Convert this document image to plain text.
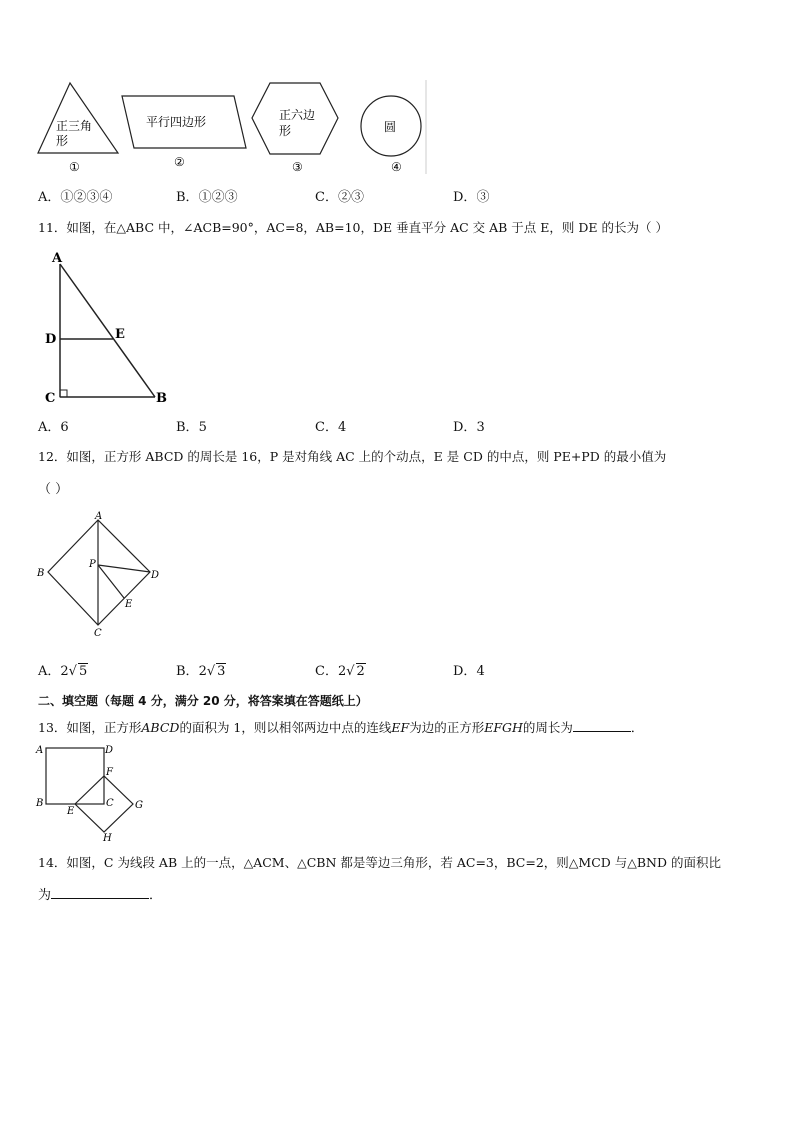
正三角
形
①
平行四边形
②
正六边
形
③
圆
④
A．①②③④	B．①②③	C．②③	D．③
11．如图，在△ABC 中，∠ACB=90°，AC=8，AB=10，DE 垂直平分 AC 交 AB 于点 E，则 DE 的长为（ ）
A
D	E
C	B
A．6	B．5	C．4	D．3
12．如图，正方形 ABCD 的周长是 16，P 是对角线 AC 上的个动点，E 是 CD 的中点，则 PE+PD 的最小值为
（ ）
A
B
P
D
E
C
A．2√ 5	B．2√ 3	C．2√ 2	D．4
二、填空题（每题 4 分，满分 20 分，将答案填在答题纸上）
13．如图，正方形ABCD的面积为 1，则以相邻两边中点的连线EF为边的正方形EFGH的周长为	．
A	D
F
B	C G
E
H
14．如图，C 为线段 AB 上的一点，△ACM、△CBN 都是等边三角形，若 AC=3，BC=2，则△MCD 与△BND 的面积比
为	．
